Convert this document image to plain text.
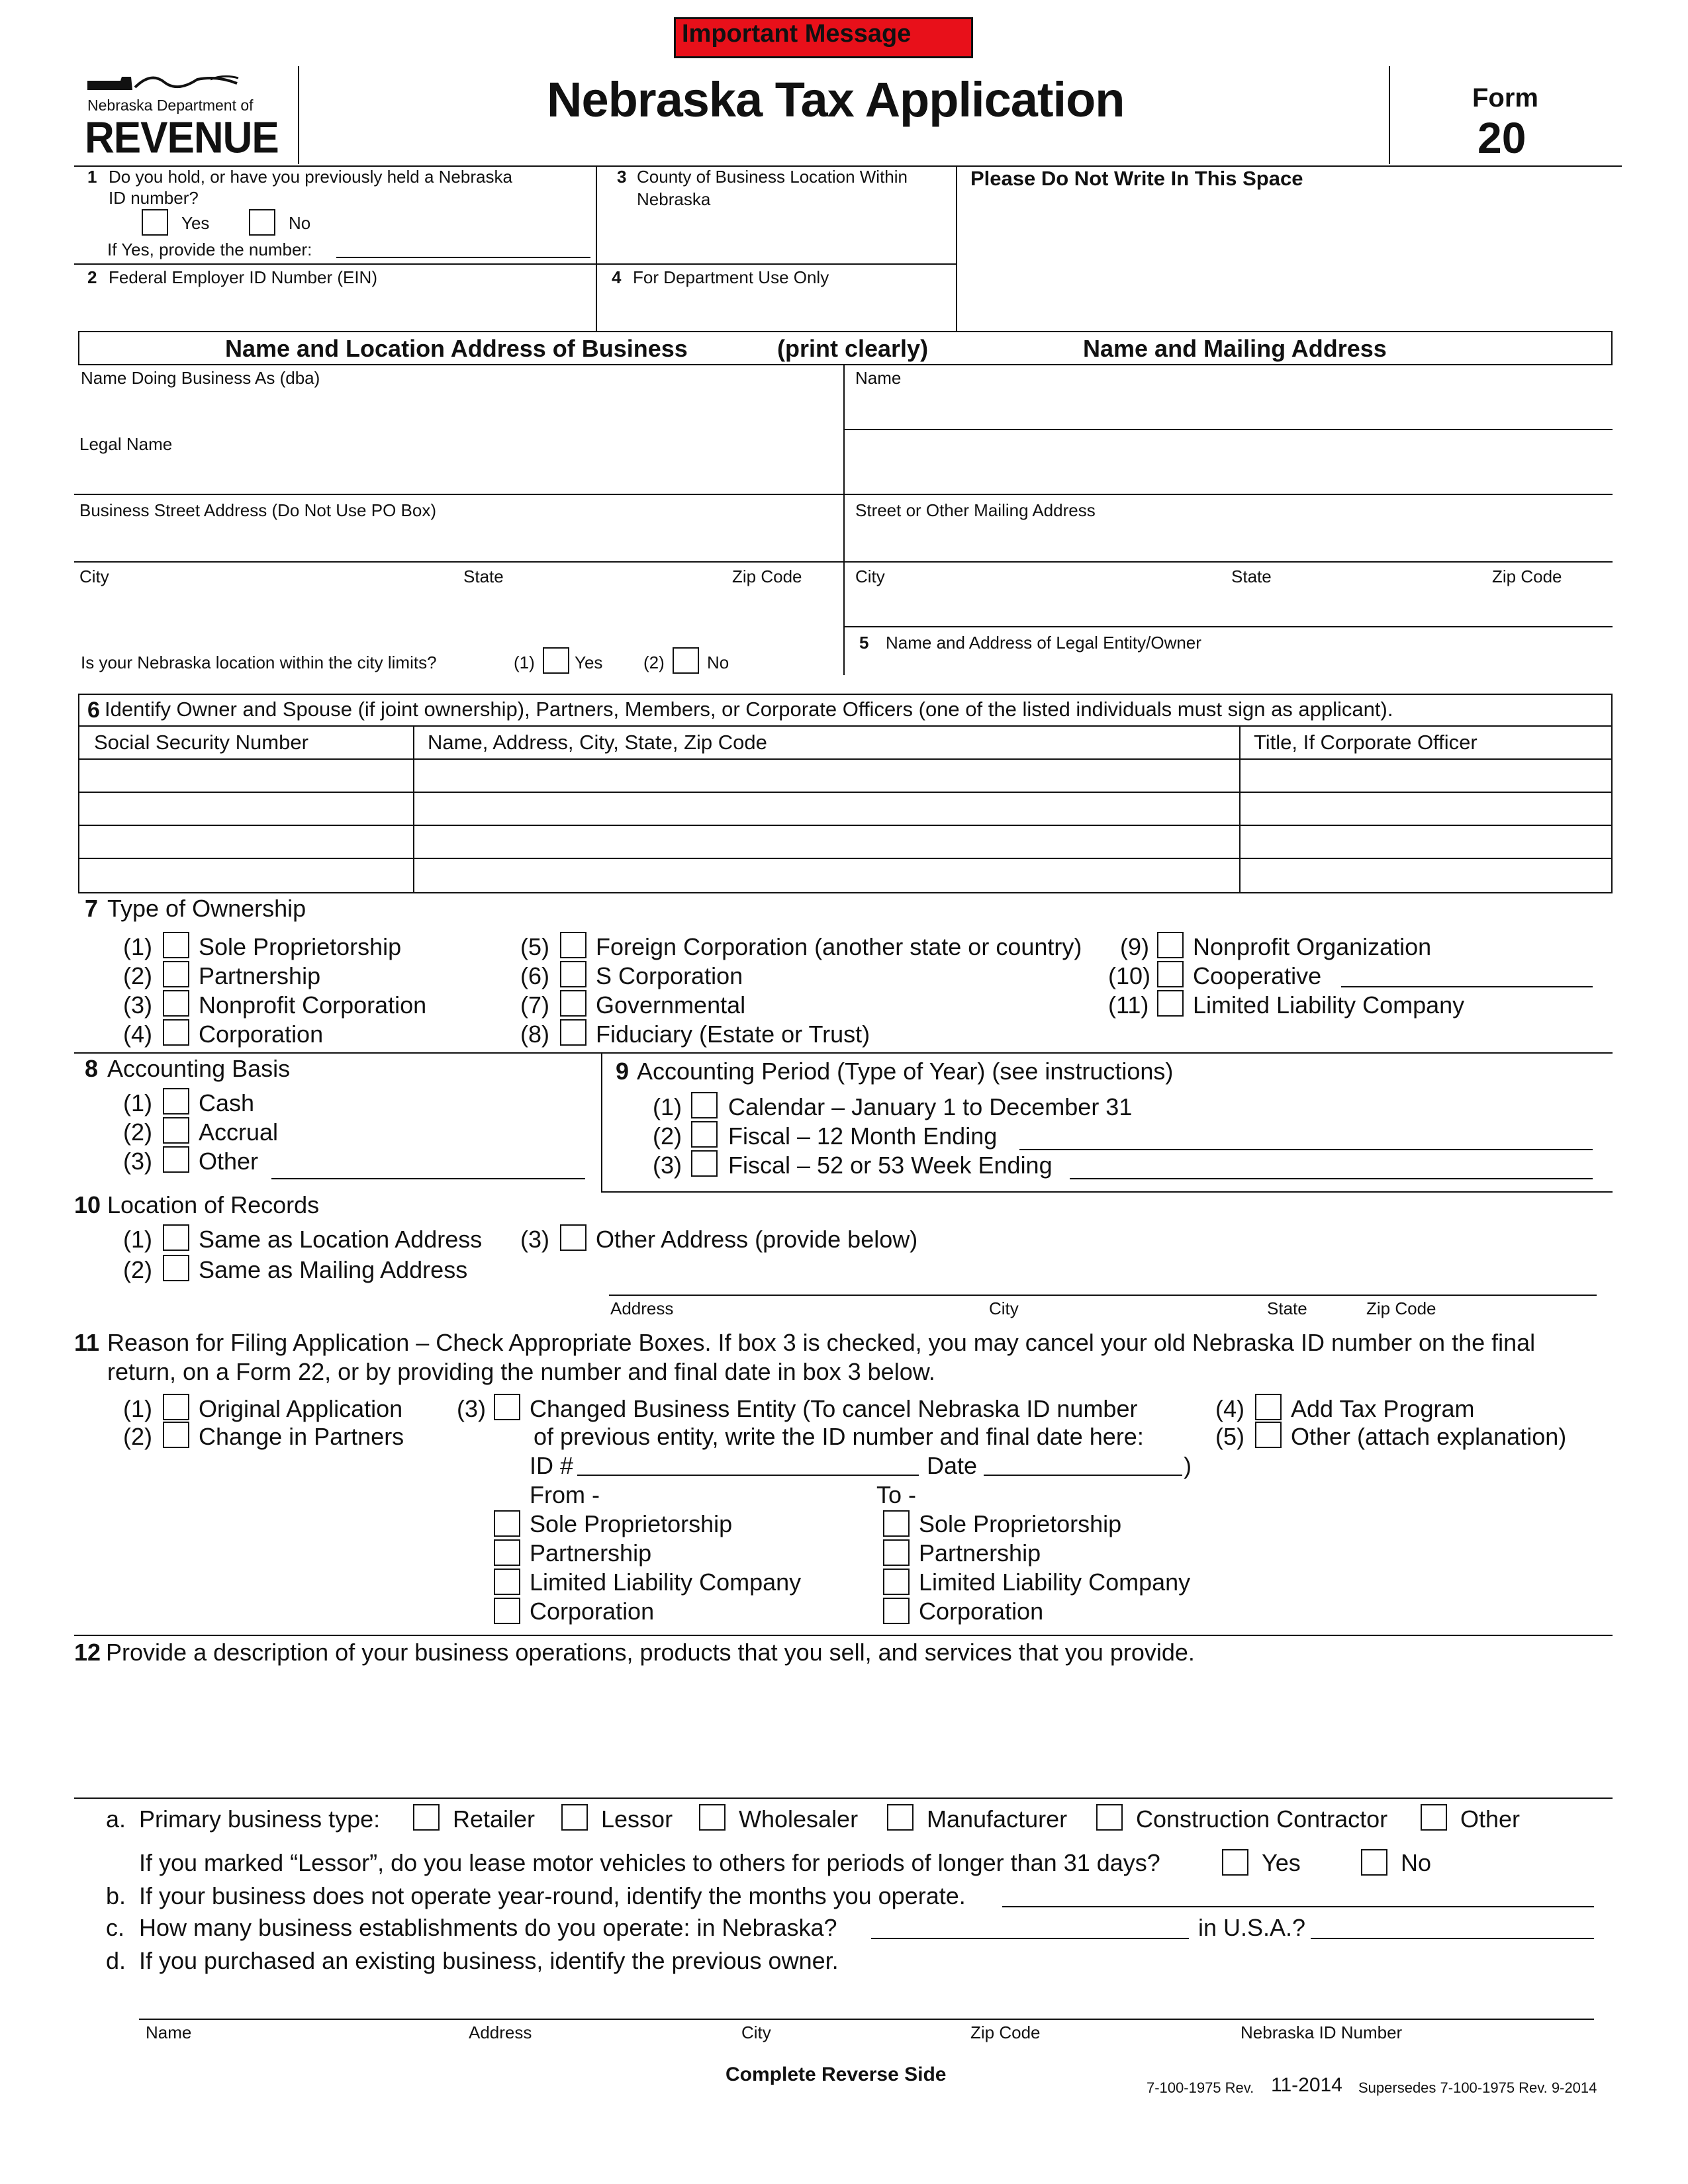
Important Message
Nebraska Department of
REVENUE
Nebraska Tax Application	Form
20
1 Do you hold, or have you previously held a Nebraska
ID number?
Yes	No
If Yes, provide the number:
2 Federal Employer ID Number (EIN)
3 County of Business Location Within
Nebraska
4 For Department Use Only
Please Do Not Write In This Space
Name and Location Address of Business	(print clearly)	Name and Mailing Address
Name Doing Business As (dba)	Name
Legal Name
Business Street Address (Do Not Use PO Box)	Street or Other Mailing Address
City	State	Zip Code	City	State	Zip Code
Is your Nebraska location within the city limits?	(1) Yes (2) No
5 Name and Address of Legal Entity/Owner
6 Identify Owner and Spouse (if joint ownership), Partners, Members, or Corporate Officers (one of the listed individuals must sign as applicant).
Social Security Number	Name, Address, City, State, Zip Code	Title, If Corporate Officer
7 Type of Ownership
(1) Sole Proprietorship
(2) Partnership
(3) Nonprofit Corporation
(4) Corporation
(5) Foreign Corporation (another state or country)
(6) S Corporation
(7) Governmental
(8) Fiduciary (Estate or Trust)
(9) Nonprofit Organization
(10) Cooperative
(11) Limited Liability Company
8 Accounting Basis
(1) Cash
(2) Accrual
(3) Other
9 Accounting Period (Type of Year) (see instructions)
(1) Calendar – January 1 to December 31
(2) Fiscal – 12 Month Ending
(3) Fiscal – 52 or 53 Week Ending
10 Location of Records
(1) Same as Location Address
(2) Same as Mailing Address
(3) Other Address (provide below)
Address	City	State	Zip Code
11 Reason for Filing Application – Check Appropriate Boxes. If box 3 is checked, you may cancel your old Nebraska ID number on the final
return, on a Form 22, or by providing the number and final date in box 3 below.
(1) Original Application
(2) Change in Partners
(3) Changed Business Entity (To cancel Nebraska ID number
of previous entity, write the ID number and final date here:
ID #	Date	)
(4) Add Tax Program
(5) Other (attach explanation)
From -	To -
Sole Proprietorship
Partnership
Limited Liability Company
Corporation
Sole Proprietorship
Partnership
Limited Liability Company
Corporation
12 Provide a description of your business operations, products that you sell, and services that you provide.
a. Primary business type:	Retailer	Lessor	Wholesaler	Manufacturer	Construction Contractor	Other
If you marked “Lessor”, do you lease motor vehicles to others for periods of longer than 31 days?	Yes	No
b. If your business does not operate year-round, identify the months you operate.
c. How many business establishments do you operate: in Nebraska?	in U.S.A.?
d. If you purchased an existing business, identify the previous owner.
Name	Address	City	Zip Code	Nebraska ID Number
Complete Reverse Side
7-100-1975 Rev. 11-2014 Supersedes 7-100-1975 Rev. 9-2014
